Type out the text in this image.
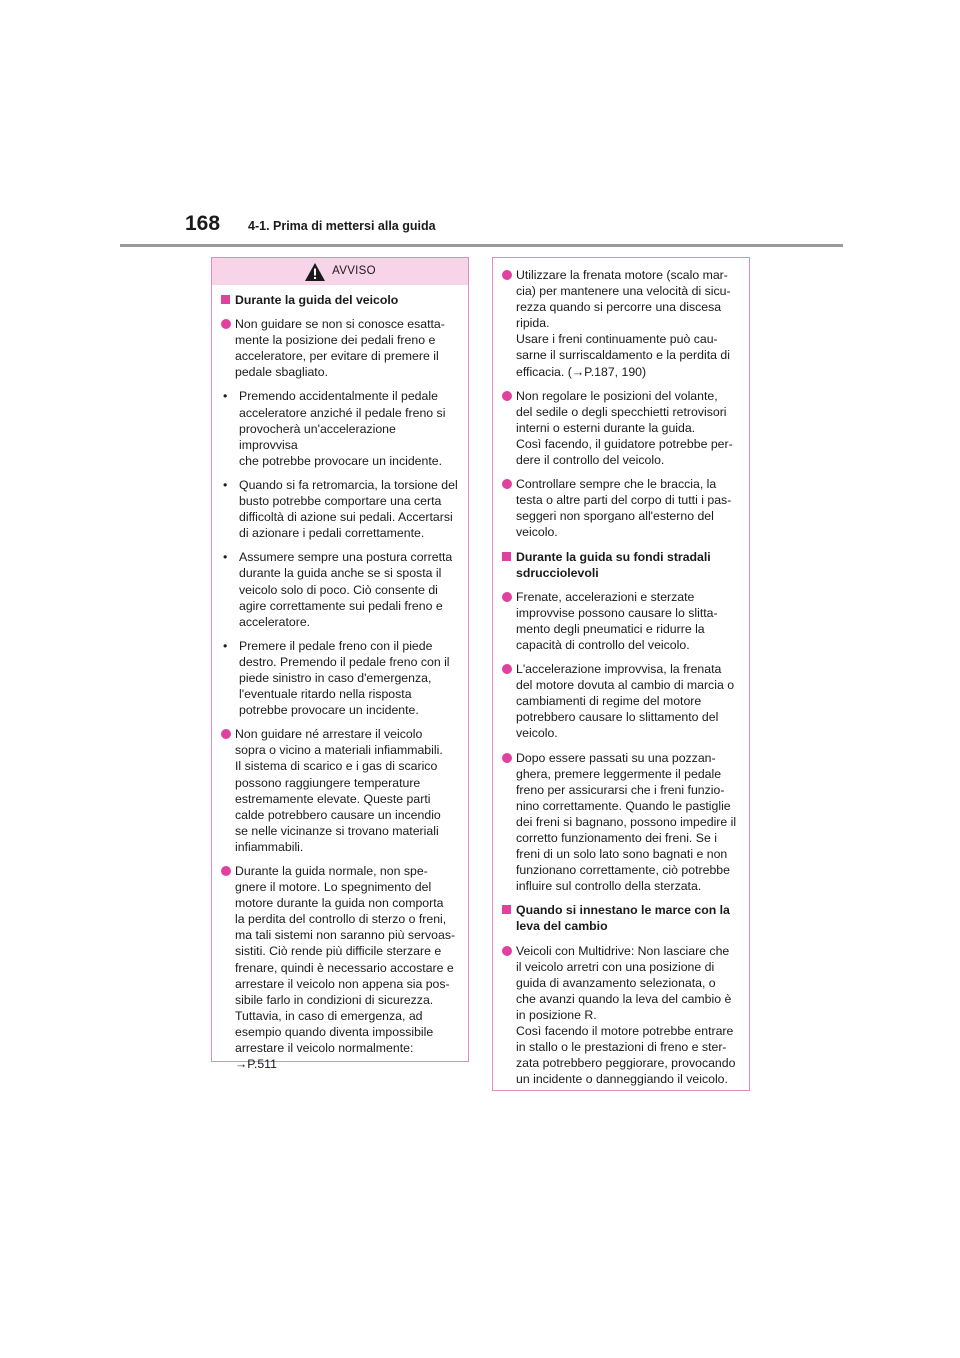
168 4-1. Prima di mettersi alla guida
AVVISO
Durante la guida del veicolo
Non guidare se non si conosce esatta-
mente la posizione dei pedali freno e
acceleratore, per evitare di premere il
pedale sbagliato.
• Premendo accidentalmente il pedale
acceleratore anziché il pedale freno si
provocherà un'accelerazione improvvisa
che potrebbe provocare un incidente.
• Quando si fa retromarcia, la torsione del
busto potrebbe comportare una certa
difficoltà di azione sui pedali. Accertarsi
di azionare i pedali correttamente.
• Assumere sempre una postura corretta
durante la guida anche se si sposta il
veicolo solo di poco. Ciò consente di
agire correttamente sui pedali freno e
acceleratore.
• Premere il pedale freno con il piede
destro. Premendo il pedale freno con il
piede sinistro in caso d'emergenza,
l'eventuale ritardo nella risposta
potrebbe provocare un incidente.
Non guidare né arrestare il veicolo
sopra o vicino a materiali infiammabili.
Il sistema di scarico e i gas di scarico
possono raggiungere temperature
estremamente elevate. Queste parti
calde potrebbero causare un incendio
se nelle vicinanze si trovano materiali
infiammabili.
Durante la guida normale, non spe-
gnere il motore. Lo spegnimento del
motore durante la guida non comporta
la perdita del controllo di sterzo o freni,
ma tali sistemi non saranno più servoas-
sistiti. Ciò rende più difficile sterzare e
frenare, quindi è necessario accostare e
arrestare il veicolo non appena sia pos-
sibile farlo in condizioni di sicurezza.
Tuttavia, in caso di emergenza, ad
esempio quando diventa impossibile
arrestare il veicolo normalmente:
→P.511
Utilizzare la frenata motore (scalo mar-
cia) per mantenere una velocità di sicu-
rezza quando si percorre una discesa
ripida.
Usare i freni continuamente può cau-
sarne il surriscaldamento e la perdita di
efficacia. (→P.187, 190)
Non regolare le posizioni del volante,
del sedile o degli specchietti retrovisori
interni o esterni durante la guida.
Così facendo, il guidatore potrebbe per-
dere il controllo del veicolo.
Controllare sempre che le braccia, la
testa o altre parti del corpo di tutti i pas-
seggeri non sporgano all'esterno del
veicolo.
Durante la guida su fondi stradali
sdrucciolevoli
Frenate, accelerazioni e sterzate
improvvise possono causare lo slitta-
mento degli pneumatici e ridurre la
capacità di controllo del veicolo.
L'accelerazione improvvisa, la frenata
del motore dovuta al cambio di marcia o
cambiamenti di regime del motore
potrebbero causare lo slittamento del
veicolo.
Dopo essere passati su una pozzan-
ghera, premere leggermente il pedale
freno per assicurarsi che i freni funzio-
nino correttamente. Quando le pastiglie
dei freni si bagnano, possono impedire il
corretto funzionamento dei freni. Se i
freni di un solo lato sono bagnati e non
funzionano correttamente, ciò potrebbe
influire sul controllo della sterzata.
Quando si innestano le marce con la
leva del cambio
Veicoli con Multidrive: Non lasciare che
il veicolo arretri con una posizione di
guida di avanzamento selezionata, o
che avanzi quando la leva del cambio è
in posizione R.
Così facendo il motore potrebbe entrare
in stallo o le prestazioni di freno e ster-
zata potrebbero peggiorare, provocando
un incidente o danneggiando il veicolo.
